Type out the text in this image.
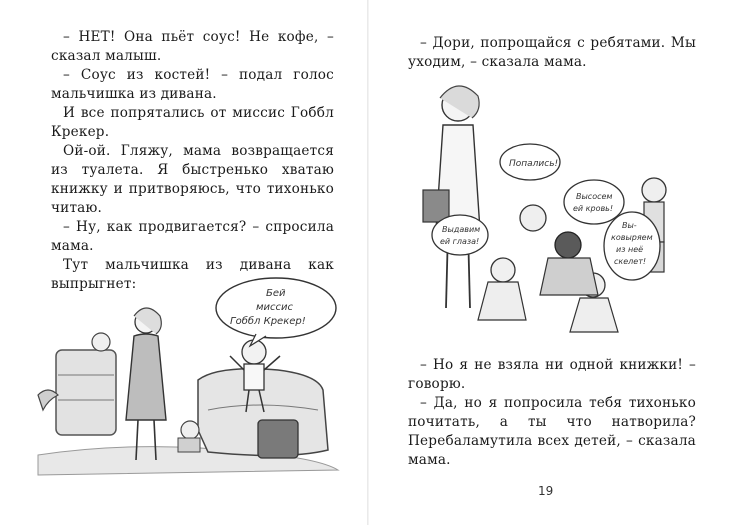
– НЕТ! Она пьёт соус! Не кофе, – сказал малыш.

– Соус из костей! – подал голос мальчишка из дивана.

И все попрятались от миссис Гоббл Крекер.

Ой-ой. Гляжу, мама возвращается из туалета. Я быстренько хватаю книжку и притворяюсь, что тихонько читаю.

– Ну, как продвигается? – спросила мама.

Тут мальчишка из дивана как выпрыгнет:

Бей
миссис
Гоббл Крекер!

– Дори, попрощайся с ребятами. Мы уходим, – сказала мама.

Попались!
Высосем
ей кровь!
Выдавим
ей глаза!
Вы-
ковыряем
из неё
скелет!

– Но я не взяла ни одной книжки! – говорю.

– Да, но я попросила тебя тихонько почитать, а ты что натворила? Перебаламутила всех детей, – сказала мама.

19
